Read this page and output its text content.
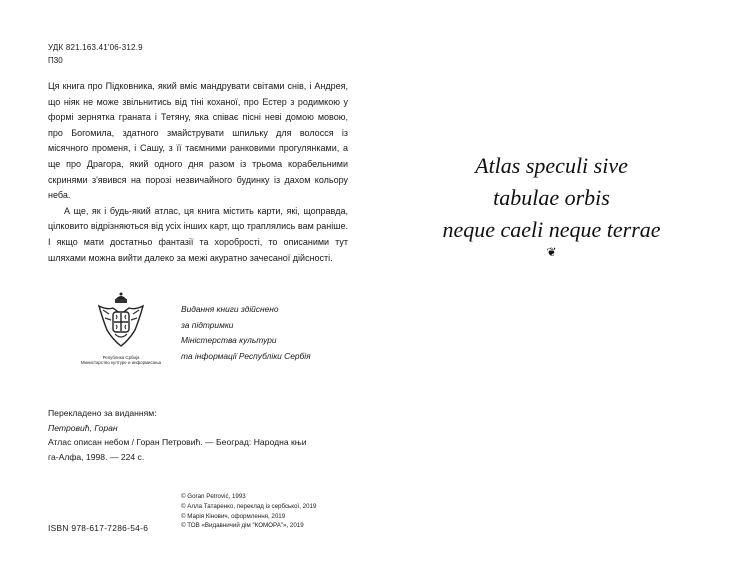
УДК 821.163.41'06-312.9
П30

Ця книга про Підковника, який вміє мандрувати світами снів, і Андрея, що ніяк не може звільнитись від тіні коханої, про Естер з родимкою у формі зернятка граната і Тетяну, яка співає пісні неві домою мовою, про Богомила, здатного змайструвати шпильку для волосся із місячного променя, і Сашу, з її таємними ранковими прогулянками, а ще про Драгора, який одного дня разом із трьома корабельними скринями з'явився на порозі незвичайного будинку із дахом кольору неба.

А ще, як і будь-який атлас, ця книга містить карти, які, щоправда, цілковито відрізняються від усіх інших карт, що траплялись вам раніше. І якщо мати достатньо фантазії та хоробрості, то описаними тут шляхами можна вийти далеко за межі акуратно зачесаної дійсності.

Република Србија
Министарство културе и информисања
Видання книги здійснено
за підтримки
Міністерства культури
та інформації Республіки Сербія
Перекладено за виданням:
Петровић, Горан
Атлас описан небом / Горан Петровић. — Београд: Народна књи
га-Алфа, 1998. — 224 с.
© Goran Petrović, 1993
© Алла Татаренко, переклад із сербської, 2019
© Марія Кінович, оформлення, 2019
© ТОВ «Видавничий дім "КОМОРА"», 2019
ISBN 978-617-7286-54-6
Atlas speculi sive
tabulae orbis
neque caeli neque terrae
❦
